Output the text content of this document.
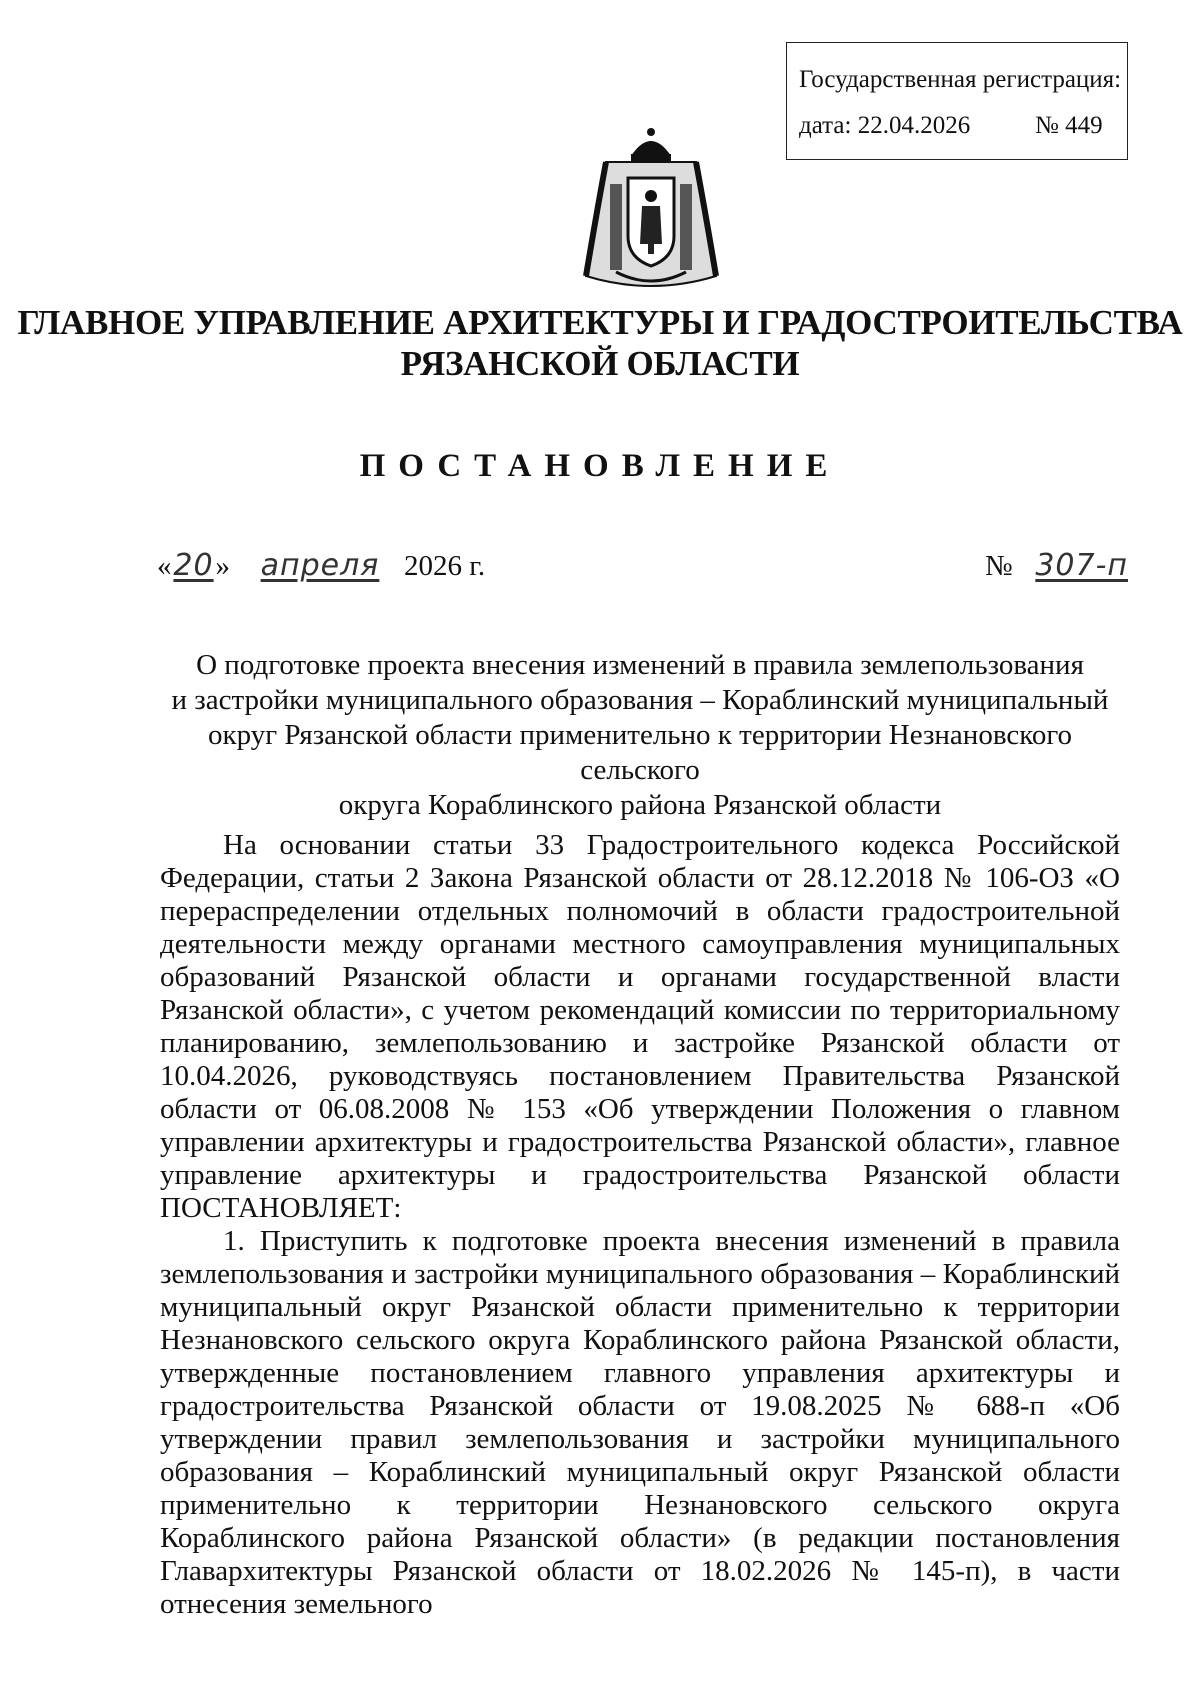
Государственная регистрация:
дата: 22.04.2026	№ 449
ГЛАВНОЕ УПРАВЛЕНИЕ АРХИТЕКТУРЫ И ГРАДОСТРОИТЕЛЬСТВА
РЯЗАНСКОЙ ОБЛАСТИ
ПОСТАНОВЛЕНИЕ
« 20 »	апреля 2026 г.	№ 307-п
О подготовке проекта внесения изменений в правила землепользования
и застройки муниципального образования – Кораблинский муниципальный
округ Рязанской области применительно к территории Незнановского сельского
округа Кораблинского района Рязанской области

На основании статьи 33 Градостроительного кодекса Российской Федерации, статьи 2 Закона Рязанской области от 28.12.2018 № 106-ОЗ «О перераспределении отдельных полномочий в области градостроительной деятельности между органами местного самоуправления муниципальных образований Рязанской области и органами государственной власти Рязанской области», с учетом рекомендаций комиссии по территориальному планированию, землепользованию и застройке Рязанской области от 10.04.2026, руководствуясь постановлением Правительства Рязанской области от 06.08.2008 № 153 «Об утверждении Положения о главном управлении архитектуры и градостроительства Рязанской области», главное управление архитектуры и градостроительства Рязанской области ПОСТАНОВЛЯЕТ:

1. Приступить к подготовке проекта внесения изменений в правила землепользования и застройки муниципального образования – Кораблинский муниципальный округ Рязанской области применительно к территории Незнановского сельского округа Кораблинского района Рязанской области, утвержденные постановлением главного управления архитектуры и градостроительства Рязанской области от 19.08.2025 № 688-п «Об утверждении правил землепользования и застройки муниципального образования – Кораблинский муниципальный округ Рязанской области применительно к территории Незнановского сельского округа Кораблинского района Рязанской области» (в редакции постановления Главархитектуры Рязанской области от 18.02.2026 № 145-п), в части отнесения земельного
